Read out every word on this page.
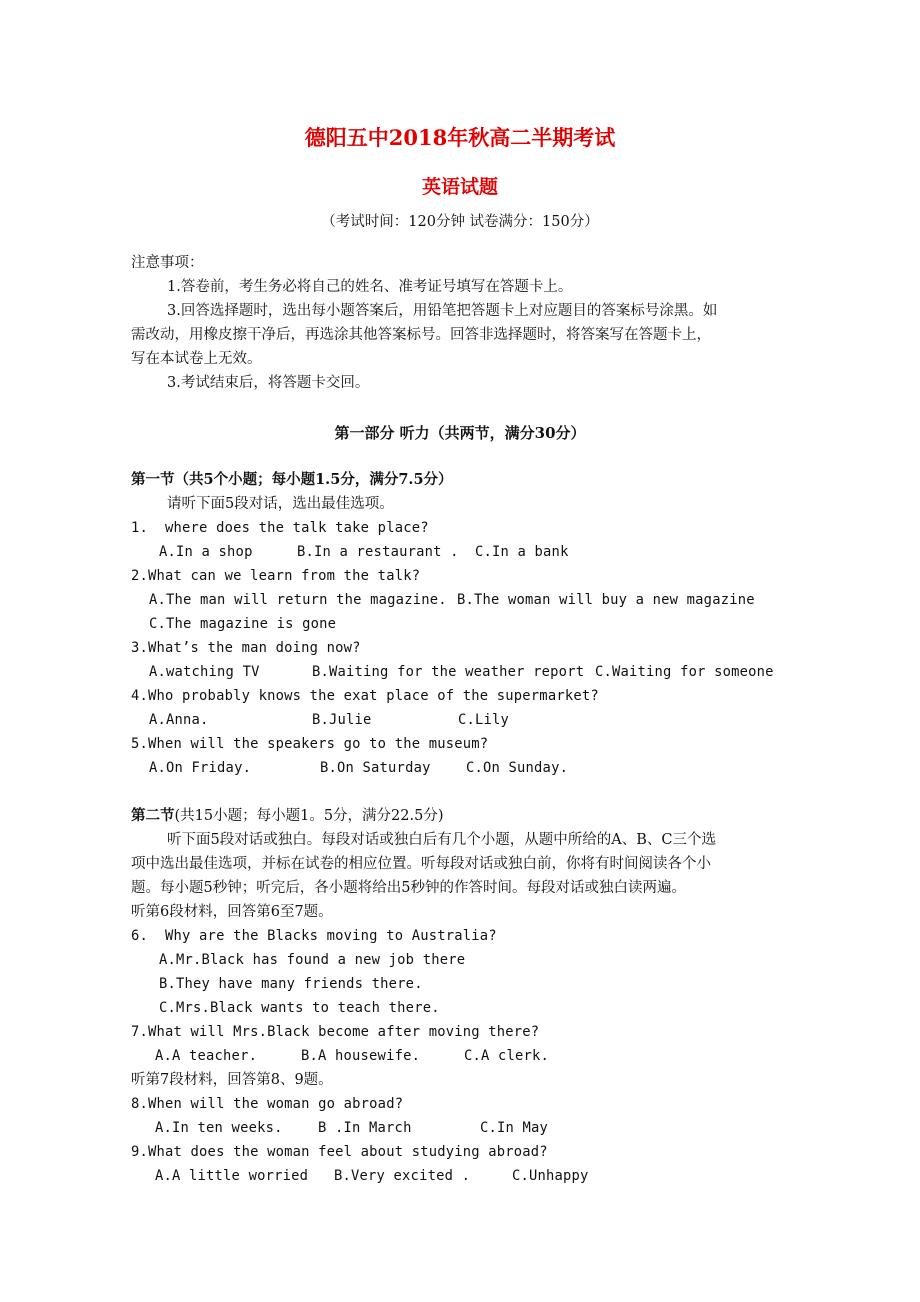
德阳五中2018年秋高二半期考试
英语试题
（考试时间：120分钟 试卷满分：150分）
注意事项：
1.答卷前，考生务必将自己的姓名、准考证号填写在答题卡上。
3.回答选择题时，选出每小题答案后，用铅笔把答题卡上对应题目的答案标号涂黑。如
需改动，用橡皮擦干净后，再选涂其他答案标号。回答非选择题时，将答案写在答题卡上，
写在本试卷上无效。
3.考试结束后，将答题卡交回。
第一部分 听力（共两节，满分30分）
第一节（共5个小题；每小题1.5分，满分7.5分）
请听下面5段对话，选出最佳选项。
1.  where does the talk take place?
A.In a shop	B.In a restaurant . C.In a bank
2.What can we learn from the talk?
A.The man will return the magazine. B.The woman will buy a new magazine
C.The magazine is gone
3.What’s the man doing now?
A.watching TV	B.Waiting for the weather report C.Waiting for someone
4.Who probably knows the exat place of the supermarket?
A.Anna.	B.Julie	C.Lily
5.When will the speakers go to the museum?
A.On Friday.	B.On Saturday	C.On Sunday.
第二节(共15小题；每小题1。5分，满分22.5分)
听下面5段对话或独白。每段对话或独白后有几个小题，从题中所给的A、B、C三个选
项中选出最佳选项，并标在试卷的相应位置。听每段对话或独白前，你将有时间阅读各个小
题。每小题5秒钟；听完后，各小题将给出5秒钟的作答时间。每段对话或独白读两遍。
听第6段材料，回答第6至7题。
6.  Why are the Blacks moving to Australia?
A.Mr.Black has found a new job there
B.They have many friends there.
C.Mrs.Black wants to teach there.
7.What will Mrs.Black become after moving there?
A.A teacher.	B.A housewife.	C.A clerk.
听第7段材料，回答第8、9题。
8.When will the woman go abroad?
A.In ten weeks.	B .In March	C.In May
9.What does the woman feel about studying abroad?
A.A little worried B.Very excited .	C.Unhappy
